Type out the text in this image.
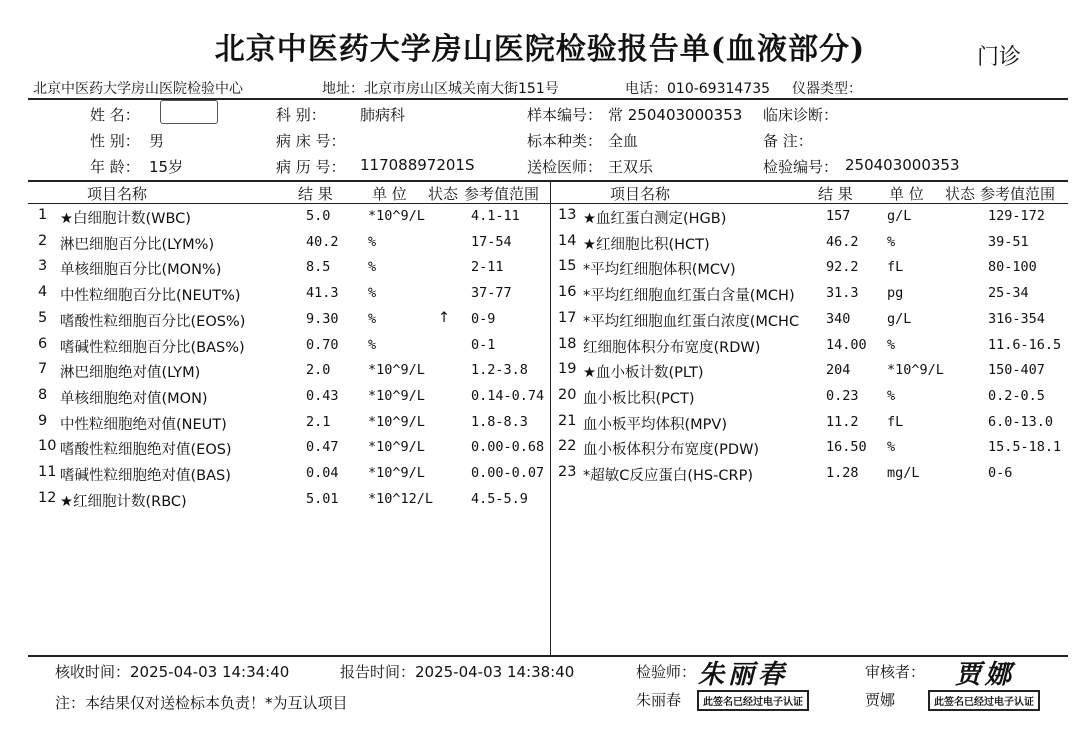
北京中医药大学房山医院检验报告单(血液部分)	门诊
北京中医药大学房山医院检验中心	地址：北京市房山区城关南大街151号	电话：010-69314735 仪器类型：
姓 名：
性 别： 男
年 龄： 15岁
科 别： 肺病科
病 床 号：
病 历 号： 11708897201S
样本编号： 常 250403000353
标本种类： 全血
送检医师： 王双乐
临床诊断：
备 注：
检验编号： 250403000353
项目名称	结 果	单 位 状态 参考值范围	项目名称	结 果 单 位 状态 参考值范围
1 ★白细胞计数(WBC)	5.0	*10^9/L	4.1-11
2 淋巴细胞百分比(LYM%)	40.2 %	17-54
3 单核细胞百分比(MON%)	8.5	%	2-11
4 中性粒细胞百分比(NEUT%)	41.3 %	37-77
5 嗜酸性粒细胞百分比(EOS%)	9.30 %	↑ 0-9
6 嗜碱性粒细胞百分比(BAS%)	0.70 %	0-1
7 淋巴细胞绝对值(LYM)	2.0	*10^9/L	1.2-3.8
8 单核细胞绝对值(MON)	0.43 *10^9/L	0.14-0.74
9 中性粒细胞绝对值(NEUT)	2.1	*10^9/L	1.8-8.3
10 嗜酸性粒细胞绝对值(EOS)	0.47 *10^9/L	0.00-0.68
11 嗜碱性粒细胞绝对值(BAS)	0.04 *10^9/L	0.00-0.07
12 ★红细胞计数(RBC)	5.01 *10^12/L	4.5-5.9
13 ★血红蛋白测定(HGB)	157	g/L	129-172
14 ★红细胞比积(HCT)	46.2 %	39-51
15 *平均红细胞体积(MCV)	92.2 fL	80-100
16 *平均红细胞血红蛋白含量(MCH) 31.3 pg	25-34
17 *平均红细胞血红蛋白浓度(MCHC 340	g/L	316-354
18 红细胞体积分布宽度(RDW)	14.00 %	11.6-16.5
19 ★血小板计数(PLT)	204	*10^9/L	150-407
20 血小板比积(PCT)	0.23 %	0.2-0.5
21 血小板平均体积(MPV)	11.2 fL	6.0-13.0
22 血小板体积分布宽度(PDW)	16.50 %	15.5-18.1
23 *超敏C反应蛋白(HS-CRP)	1.28 mg/L	0-6
核收时间：2025-04-03 14:34:40	报告时间：2025-04-03 14:38:40	检验师： 朱丽春	审核者： 贾娜
注：本结果仅对送检标本负责！*为互认项目	朱丽春	此签名已经过电子认证	贾娜	此签名已经过电子认证
